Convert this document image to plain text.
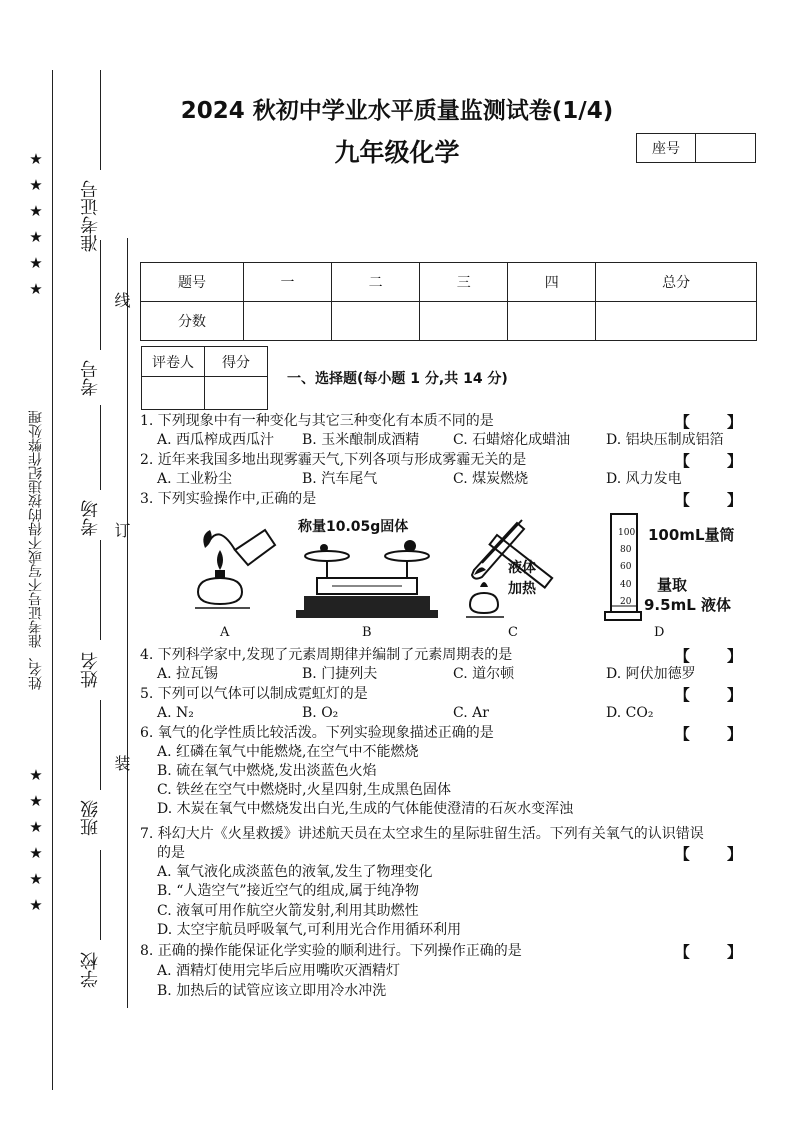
★
★
★
★
★
★
★
★
★
★
★
★
姓名、准考证号不写或不得的按违纪作弊处理
准考证号
考号
考场
姓名
班级
学校
线
订
装
2024 秋初中学业水平质量监测试卷(1/4)
九年级化学	座号
题号	一	二	三	四	总分
分数					
评卷人	得分

一、选择题(每小题 1 分,共 14 分)
1. 下列现象中有一种变化与其它三种变化有本质不同的是	【 】
A. 西瓜榨成西瓜汁 B. 玉米酿制成酒精 C. 石蜡熔化成蜡油	D. 铝块压制成铝箔
2. 近年来我国多地出现雾霾天气,下列各项与形成雾霾无关的是	【 】
A. 工业粉尘	B. 汽车尾气	C. 煤炭燃烧	D. 风力发电
3. 下列实验操作中,正确的是	【 】
A
称量10.05g固体
B
液体
加热
C
100
80
60
40
20
100mL量筒
量取
9.5mL 液体
D
4. 下列科学家中,发现了元素周期律并编制了元素周期表的是	【 】
A. 拉瓦锡	B. 门捷列夫	C. 道尔顿	D. 阿伏加德罗
5. 下列可以气体可以制成霓虹灯的是	【 】
A. N₂	B. O₂	C. Ar	D. CO₂
6. 氧气的化学性质比较活泼。下列实验现象描述正确的是	【 】
A. 红磷在氧气中能燃烧,在空气中不能燃烧
B. 硫在氧气中燃烧,发出淡蓝色火焰
C. 铁丝在空气中燃烧时,火星四射,生成黑色固体
D. 木炭在氧气中燃烧发出白光,生成的气体能使澄清的石灰水变浑浊
7. 科幻大片《火星救援》讲述航天员在太空求生的星际驻留生活。下列有关氧气的认识错误
的是	【 】
A. 氧气液化成淡蓝色的液氧,发生了物理变化
B. “人造空气”接近空气的组成,属于纯净物
C. 液氧可用作航空火箭发射,利用其助燃性
D. 太空宇航员呼吸氧气,可利用光合作用循环利用
8. 正确的操作能保证化学实验的顺利进行。下列操作正确的是	【 】
A. 酒精灯使用完毕后应用嘴吹灭酒精灯
B. 加热后的试管应该立即用冷水冲洗
